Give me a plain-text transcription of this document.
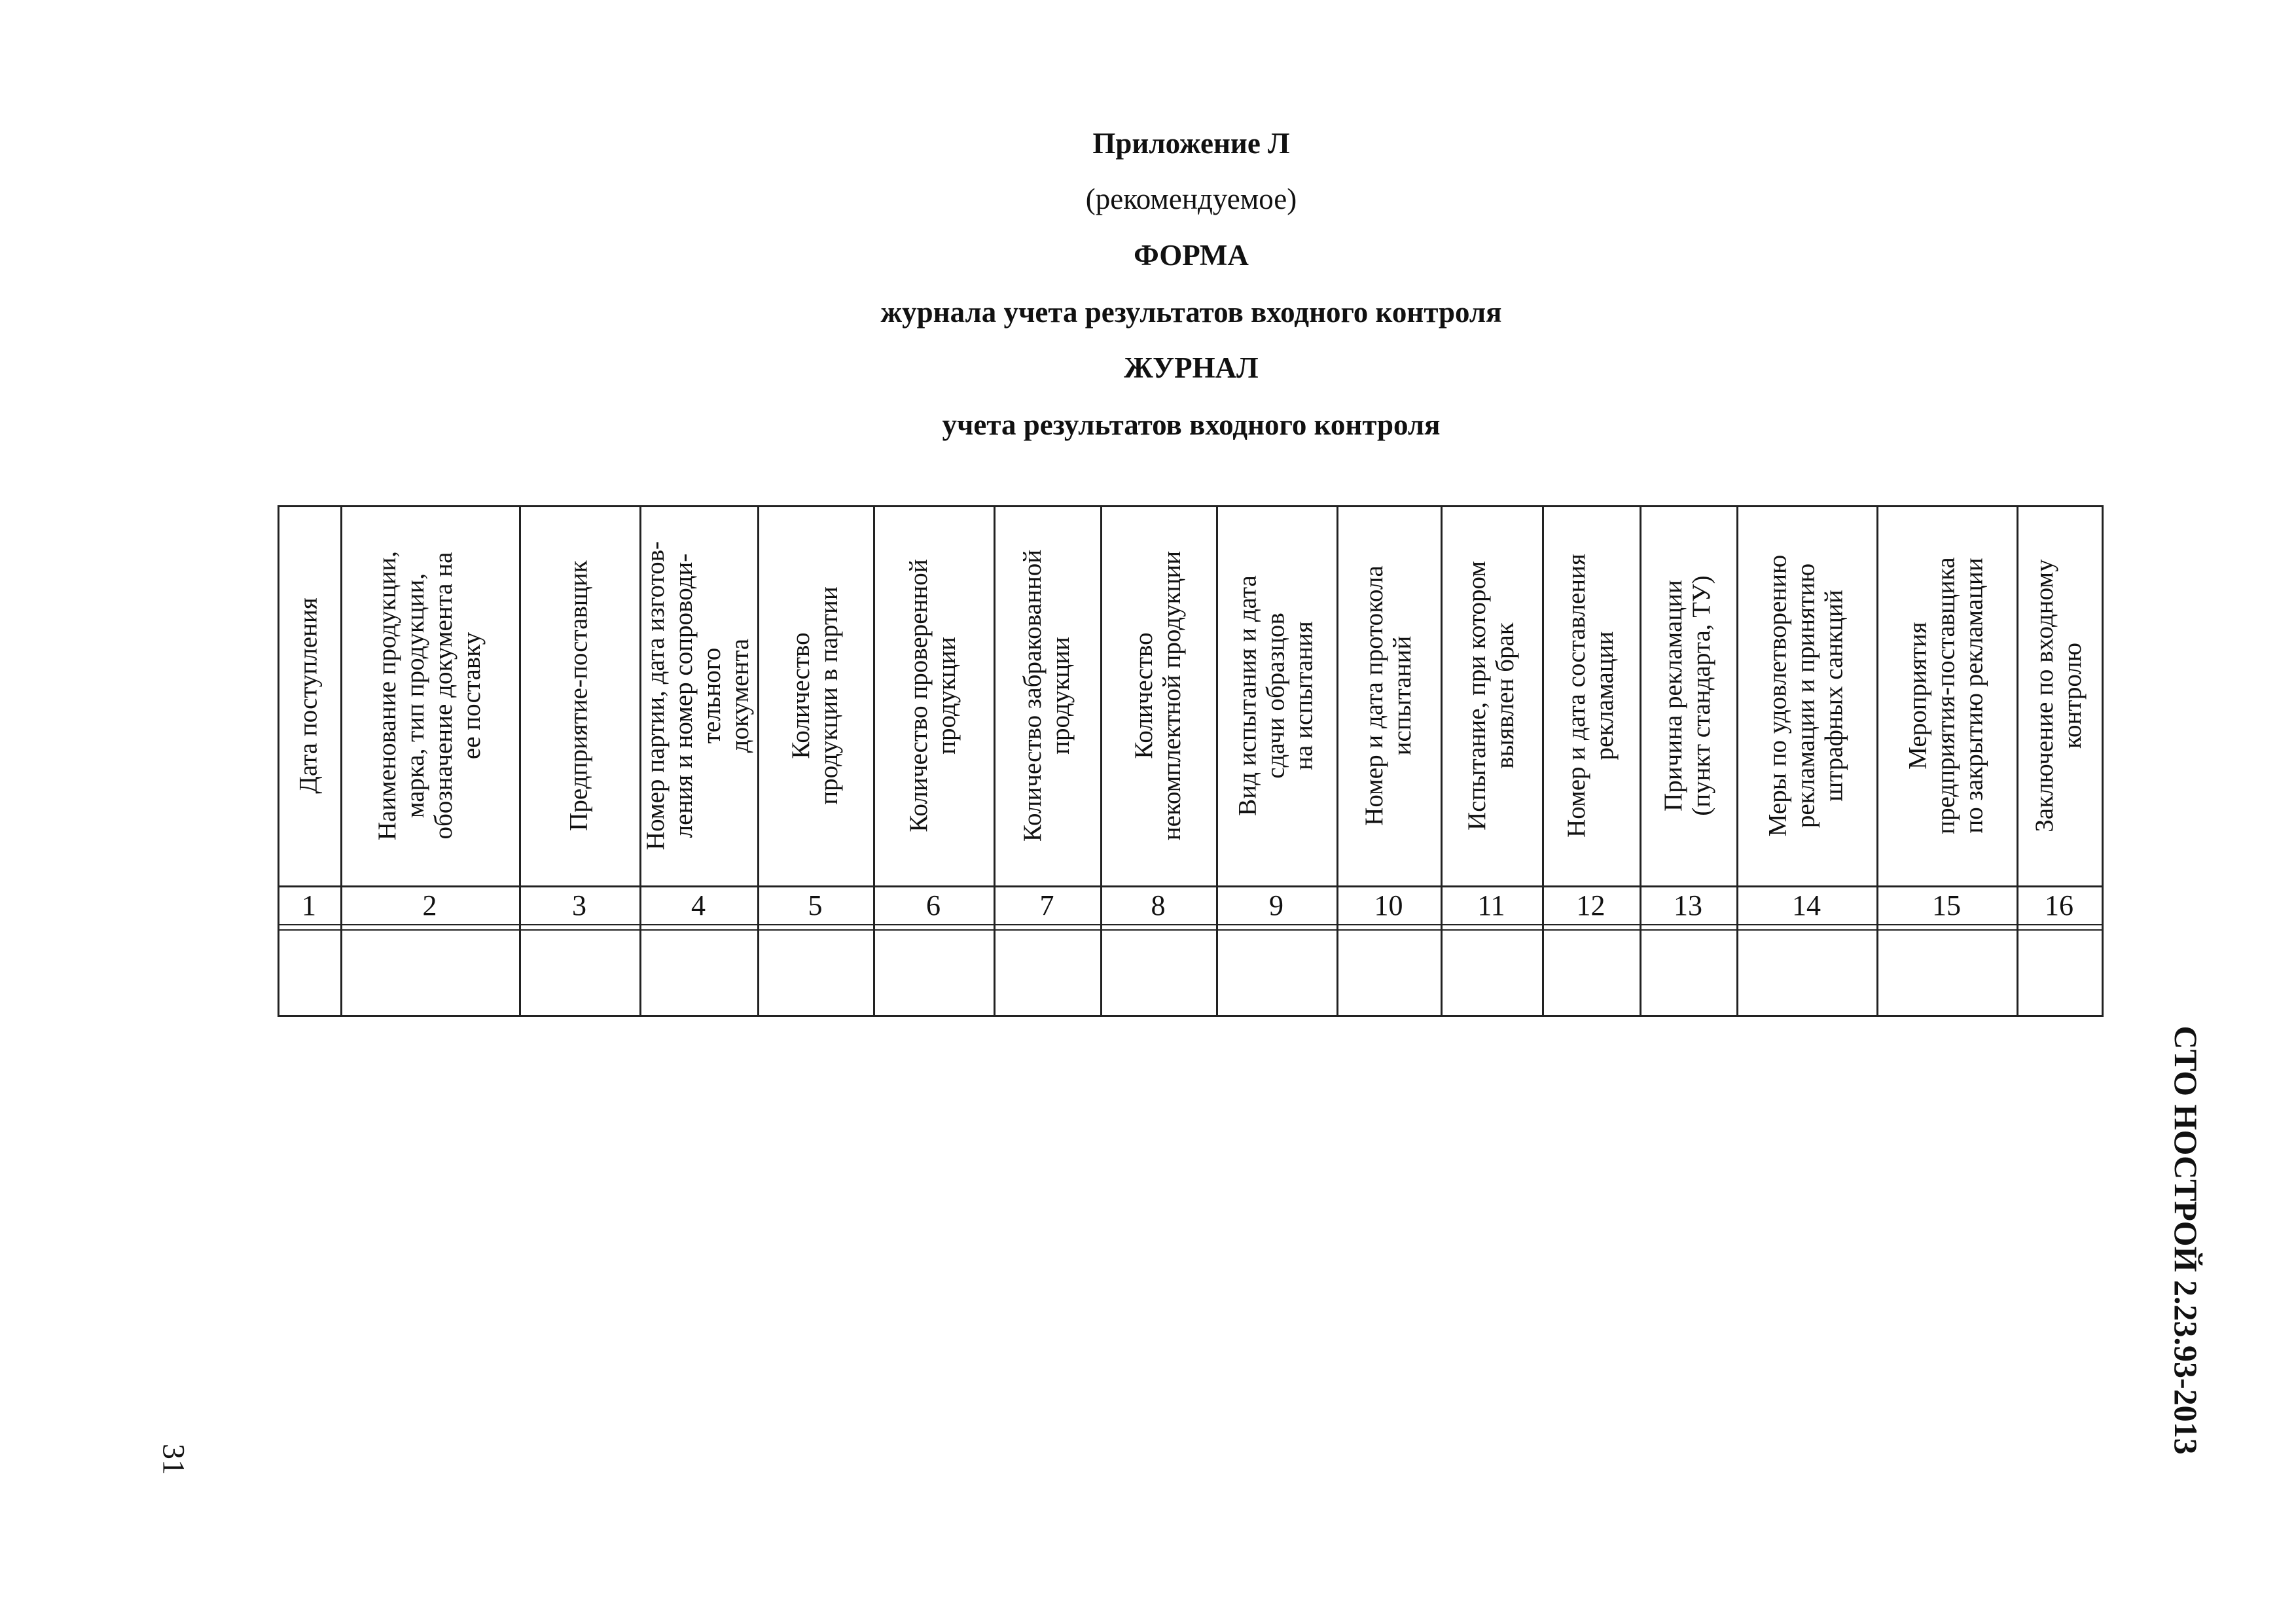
Приложение Л
(рекомендуемое)
ФОРМА
журнала учета результатов входного контроля
ЖУРНАЛ
учета результатов входного контроля
Дата поступления
1
Наименование продукции,
марка, тип продукции,
обозначение документа на
ее поставку
2
Предприятие-поставщик
3
Номер партии, дата изготов-
ления и номер сопроводи-
тельного
документа
4
Количество
продукции в партии
5
Количество проверенной
продукции
6
Количество забракованной
продукции
7
Количество
некомплектной продукции
8
Вид испытания и дата
сдачи образцов
на испытания
9
Номер и дата протокола
испытаний
10
Испытание, при котором
выявлен брак
11
Номер и дата составления
рекламации
12
Причина рекламации
(пункт стандарта, ТУ)
13
Меры по удовлетворению
рекламации и принятию
штрафных санкций
14
Мероприятия
предприятия-поставщика
по закрытию рекламации
15
Заключение по входному
контролю
16
31
СТО НОСТРОЙ 2.23.93-2013
